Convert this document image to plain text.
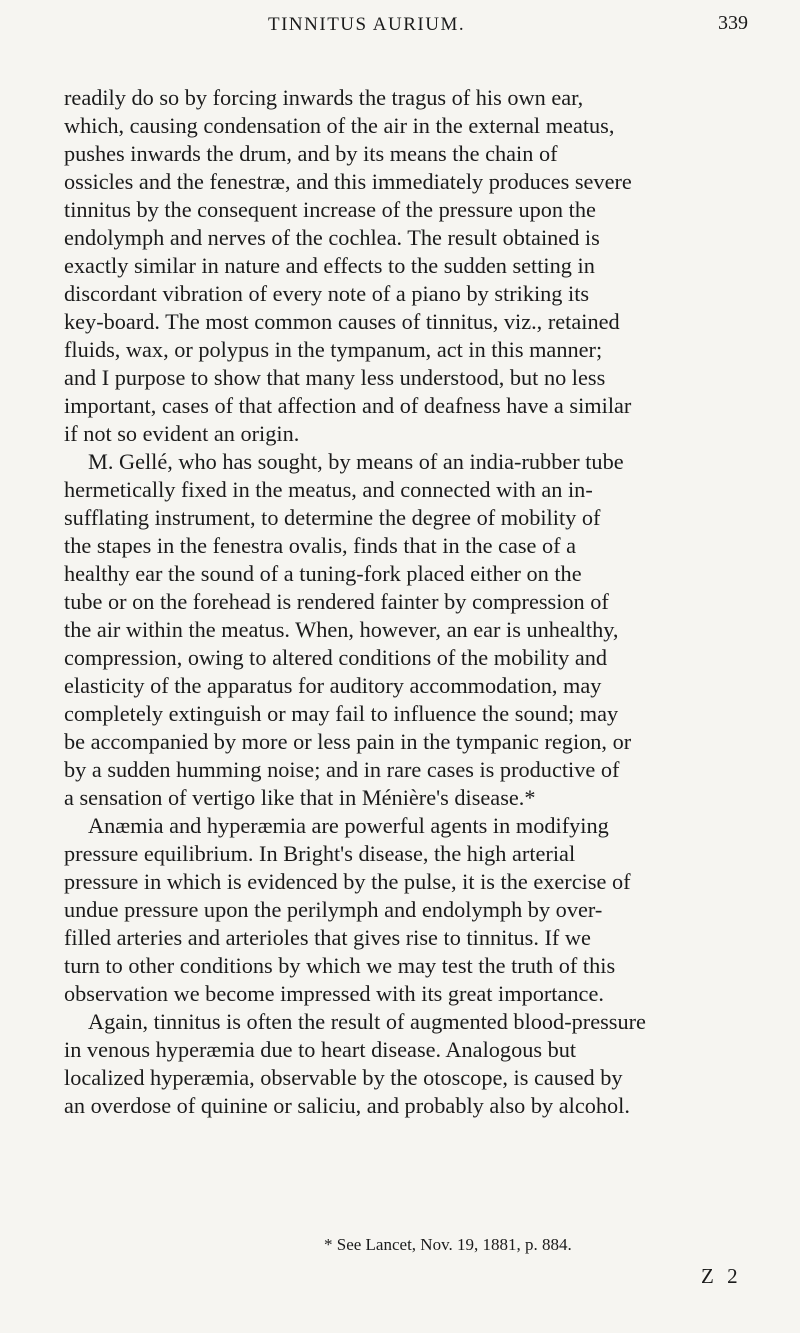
TINNITUS AURIUM.	339
readily do so by forcing inwards the tragus of his own ear,
which, causing condensation of the air in the external meatus,
pushes inwards the drum, and by its means the chain of
ossicles and the fenestræ, and this immediately produces severe
tinnitus by the consequent increase of the pressure upon the
endolymph and nerves of the cochlea. The result obtained is
exactly similar in nature and effects to the sudden setting in
discordant vibration of every note of a piano by striking its
key-board. The most common causes of tinnitus, viz., retained
fluids, wax, or polypus in the tympanum, act in this manner;
and I purpose to show that many less understood, but no less
important, cases of that affection and of deafness have a similar
if not so evident an origin.
M. Gellé, who has sought, by means of an india-rubber tube
hermetically fixed in the meatus, and connected with an in-
sufflating instrument, to determine the degree of mobility of
the stapes in the fenestra ovalis, finds that in the case of a
healthy ear the sound of a tuning-fork placed either on the
tube or on the forehead is rendered fainter by compression of
the air within the meatus. When, however, an ear is unhealthy,
compression, owing to altered conditions of the mobility and
elasticity of the apparatus for auditory accommodation, may
completely extinguish or may fail to influence the sound; may
be accompanied by more or less pain in the tympanic region, or
by a sudden humming noise; and in rare cases is productive of
a sensation of vertigo like that in Ménière's disease.*
Anæmia and hyperæmia are powerful agents in modifying
pressure equilibrium. In Bright's disease, the high arterial
pressure in which is evidenced by the pulse, it is the exercise of
undue pressure upon the perilymph and endolymph by over-
filled arteries and arterioles that gives rise to tinnitus. If we
turn to other conditions by which we may test the truth of this
observation we become impressed with its great importance.
Again, tinnitus is often the result of augmented blood-pressure
in venous hyperæmia due to heart disease. Analogous but
localized hyperæmia, observable by the otoscope, is caused by
an overdose of quinine or saliciu, and probably also by alcohol.
* See Lancet, Nov. 19, 1881, p. 884.
Z 2
